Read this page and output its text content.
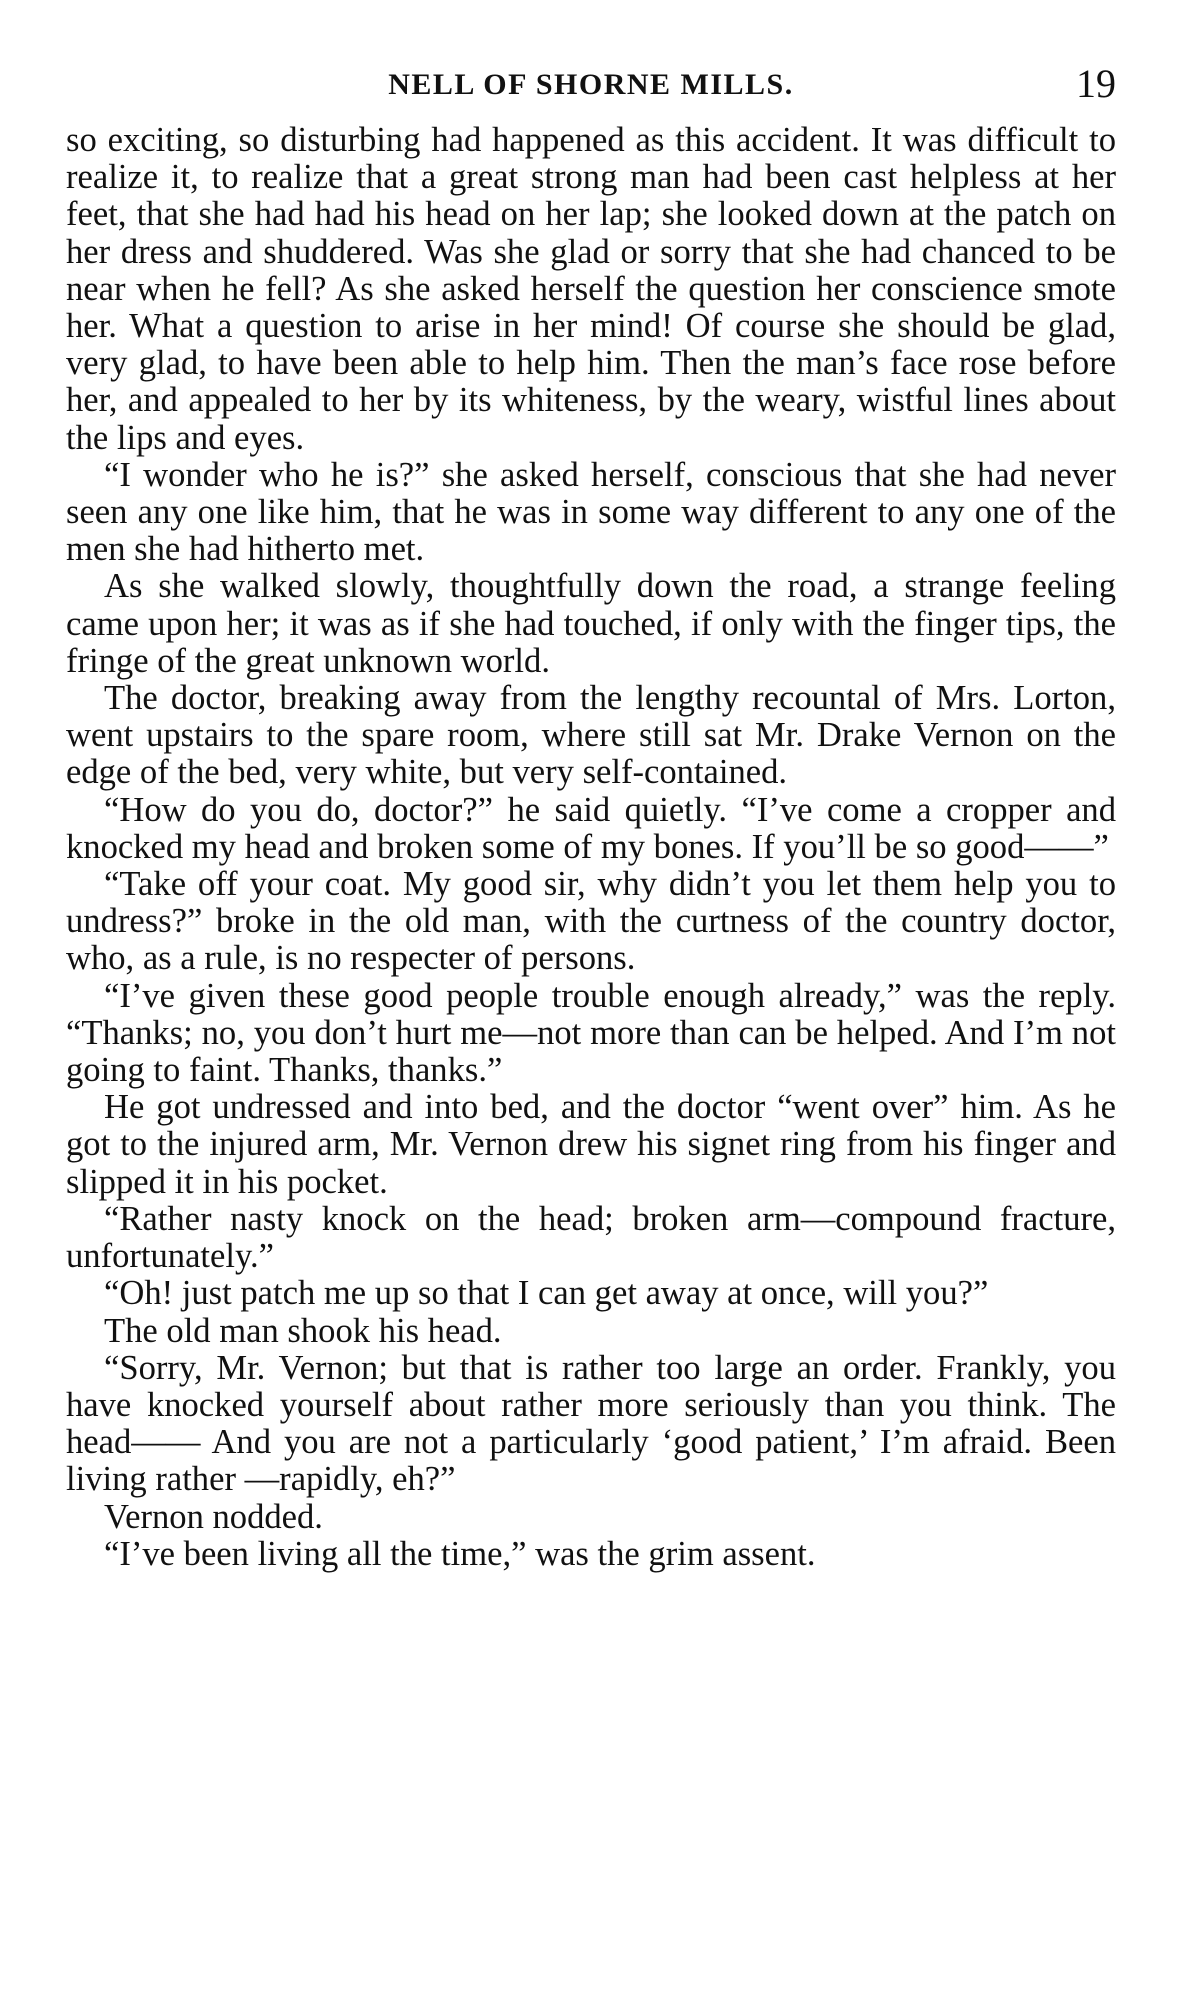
NELL OF SHORNE MILLS.	19

so exciting, so disturbing had happened as this accident. It was difficult to realize it, to realize that a great strong man had been cast helpless at her feet, that she had had his head on her lap; she looked down at the patch on her dress and shuddered. Was she glad or sorry that she had chanced to be near when he fell? As she asked herself the question her conscience smote her. What a question to arise in her mind! Of course she should be glad, very glad, to have been able to help him. Then the man’s face rose before her, and appealed to her by its whiteness, by the weary, wistful lines about the lips and eyes.

“I wonder who he is?” she asked herself, conscious that she had never seen any one like him, that he was in some way different to any one of the men she had hitherto met.

As she walked slowly, thoughtfully down the road, a strange feeling came upon her; it was as if she had touched, if only with the finger tips, the fringe of the great unknown world.

The doctor, breaking away from the lengthy recountal of Mrs. Lorton, went upstairs to the spare room, where still sat Mr. Drake Vernon on the edge of the bed, very white, but very self-contained.

“How do you do, doctor?” he said quietly. “I’ve come a cropper and knocked my head and broken some of my bones. If you’ll be so good——”

“Take off your coat. My good sir, why didn’t you let them help you to undress?” broke in the old man, with the curtness of the country doctor, who, as a rule, is no respecter of persons.

“I’ve given these good people trouble enough already,” was the reply. “Thanks; no, you don’t hurt me—not more than can be helped. And I’m not going to faint. Thanks, thanks.”

He got undressed and into bed, and the doctor “went over” him. As he got to the injured arm, Mr. Vernon drew his signet ring from his finger and slipped it in his pocket.

“Rather nasty knock on the head; broken arm—compound fracture, unfortunately.”

“Oh! just patch me up so that I can get away at once, will you?”

The old man shook his head.

“Sorry, Mr. Vernon; but that is rather too large an order. Frankly, you have knocked yourself about rather more seriously than you think. The head—— And you are not a particularly ‘good patient,’ I’m afraid. Been living rather —rapidly, eh?”

Vernon nodded.

“I’ve been living all the time,” was the grim assent.
